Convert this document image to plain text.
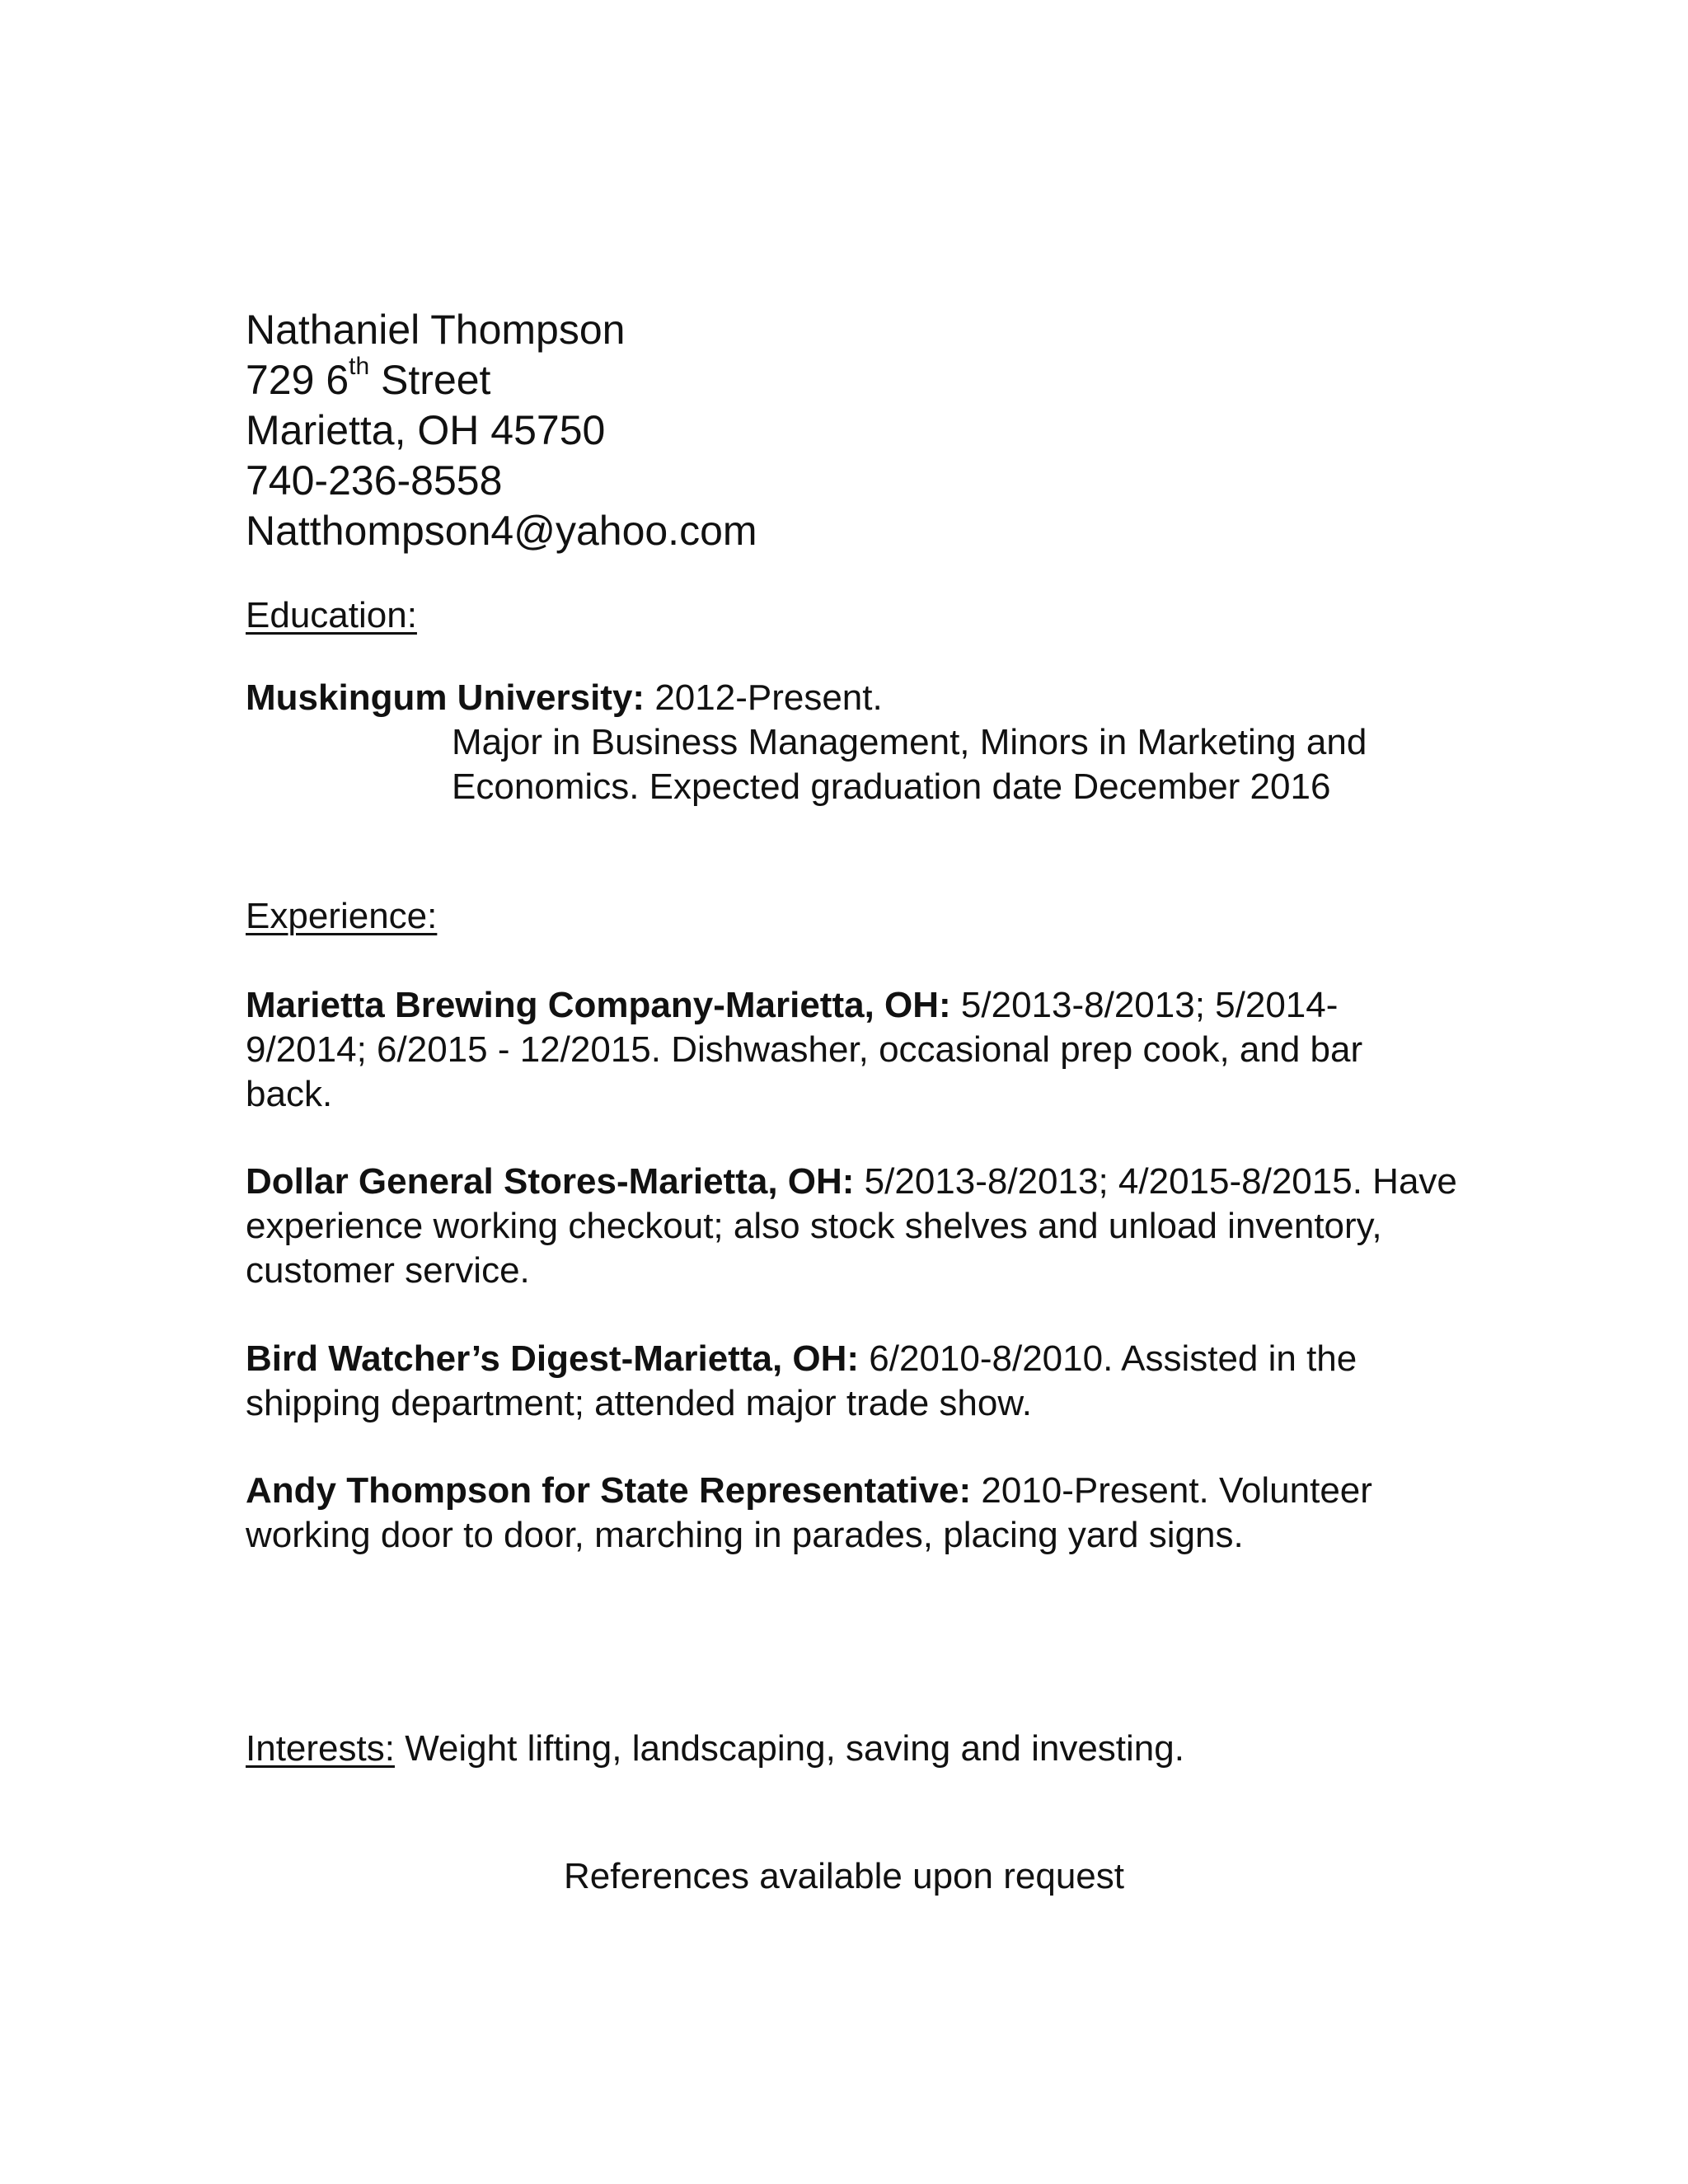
Nathaniel Thompson
729 6th Street
Marietta, OH 45750
740-236-8558
Natthompson4@yahoo.com
Education:
Muskingum University: 2012-Present.
Major in Business Management, Minors in Marketing and
Economics. Expected graduation date December 2016
Experience:
Marietta Brewing Company-Marietta, OH: 5/2013-8/2013; 5/2014-9/2014; 6/2015 - 12/2015. Dishwasher, occasional prep cook, and bar back.
Dollar General Stores-Marietta, OH: 5/2013-8/2013; 4/2015-8/2015. Have experience working checkout; also stock shelves and unload inventory, customer service.
Bird Watcher’s Digest-Marietta, OH: 6/2010-8/2010. Assisted in the shipping department; attended major trade show.
Andy Thompson for State Representative: 2010-Present. Volunteer working door to door, marching in parades, placing yard signs.
Interests: Weight lifting, landscaping, saving and investing.
References available upon request
